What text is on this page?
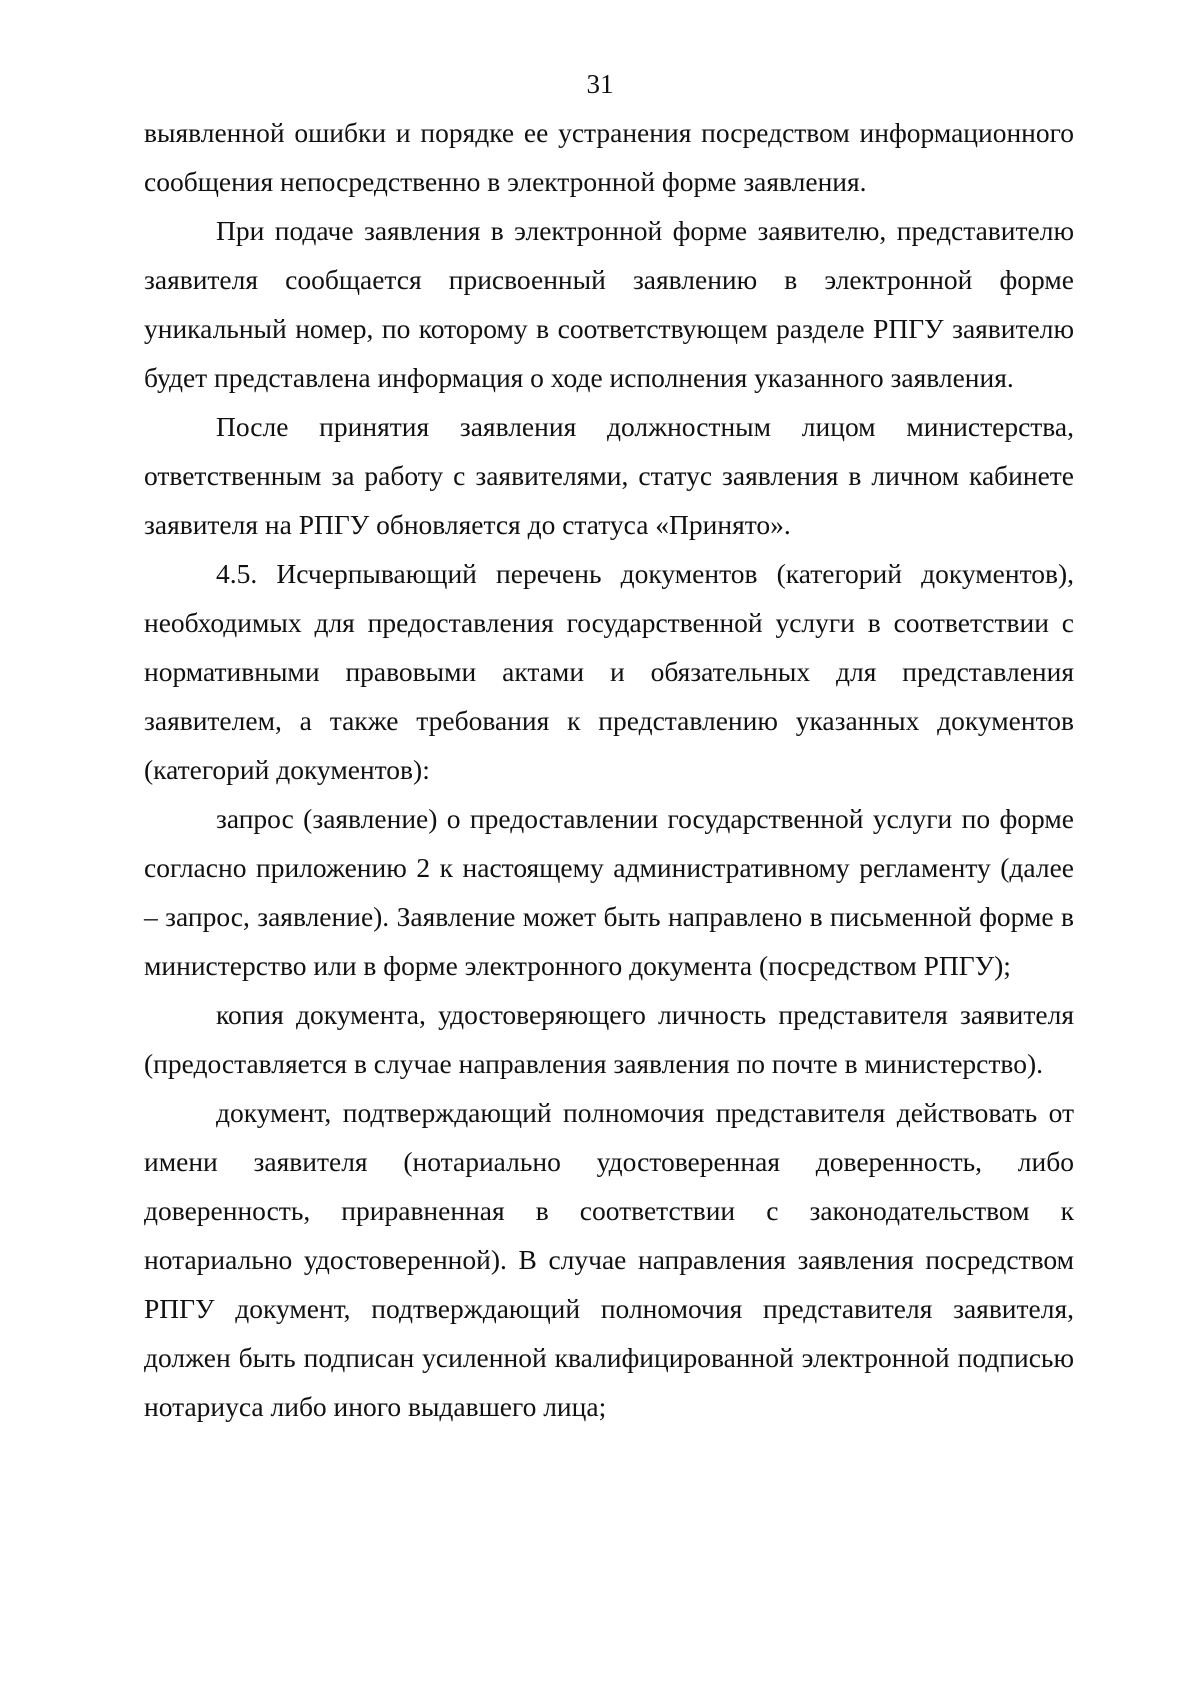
31

выявленной ошибки и порядке ее устранения посредством информационного сообщения непосредственно в электронной форме заявления.

При подаче заявления в электронной форме заявителю, представителю заявителя сообщается присвоенный заявлению в электронной форме уникальный номер, по которому в соответствующем разделе РПГУ заявителю будет представлена информация о ходе исполнения указанного заявления.

После принятия заявления должностным лицом министерства, ответственным за работу с заявителями, статус заявления в личном кабинете заявителя на РПГУ обновляется до статуса «Принято».

4.5. Исчерпывающий перечень документов (категорий документов), необходимых для предоставления государственной услуги в соответствии с нормативными правовыми актами и обязательных для представления заявителем, а также требования к представлению указанных документов (категорий документов):

запрос (заявление) о предоставлении государственной услуги по форме согласно приложению 2 к настоящему административному регламенту (далее – запрос, заявление). Заявление может быть направлено в письменной форме в министерство или в форме электронного документа (посредством РПГУ);

копия документа, удостоверяющего личность представителя заявителя (предоставляется в случае направления заявления по почте в министерство).

документ, подтверждающий полномочия представителя действовать от имени заявителя (нотариально удостоверенная доверенность, либо доверенность, приравненная в соответствии с законодательством к нотариально удостоверенной). В случае направления заявления посредством РПГУ документ, подтверждающий полномочия представителя заявителя, должен быть подписан усиленной квалифицированной электронной подписью нотариуса либо иного выдавшего лица;
